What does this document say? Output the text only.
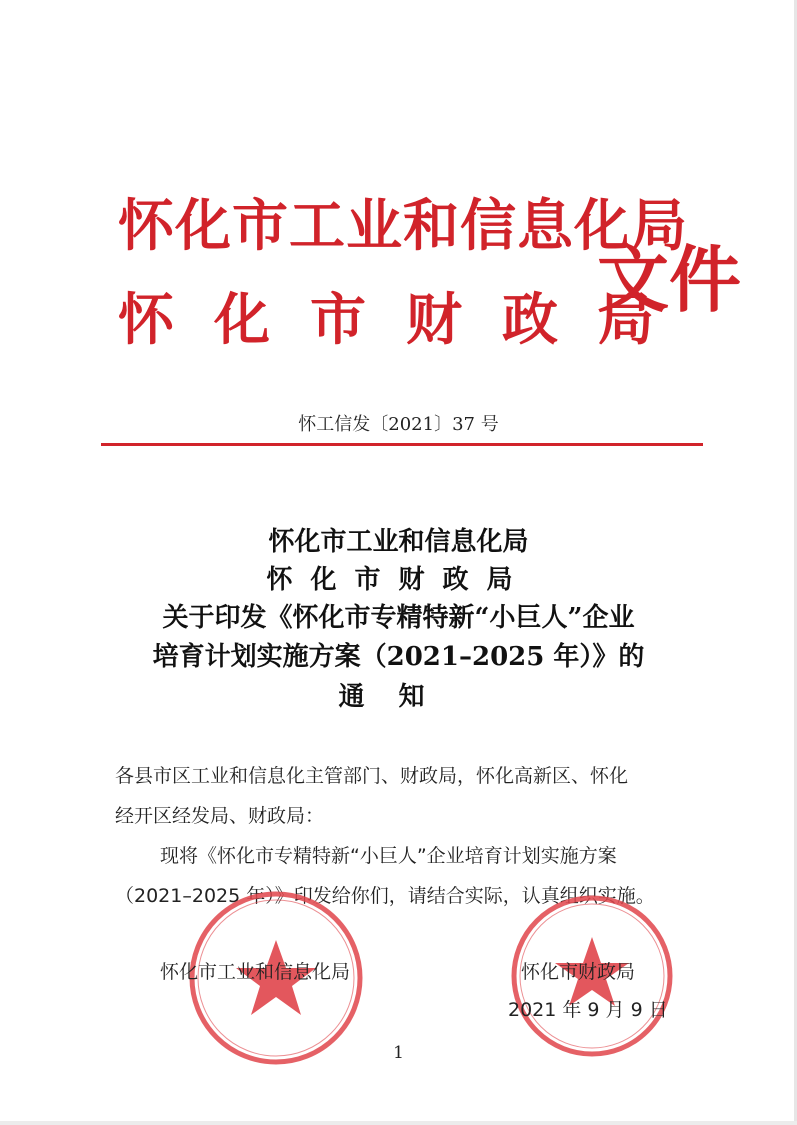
怀化市工业和信息化局
怀化市财政局
文件
怀工信发〔2021〕37 号
怀化市工业和信息化局
怀化市财政局
关于印发《怀化市专精特新“小巨人”企业
培育计划实施方案（2021–2025 年）》的
通知
各县市区工业和信息化主管部门、财政局，怀化高新区、怀化
经开区经发局、财政局：
现将《怀化市专精特新“小巨人”企业培育计划实施方案
（2021–2025 年）》印发给你们，请结合实际，认真组织实施。
怀化市工业和信息化局	怀化市财政局
2021 年 9 月 9 日
1
